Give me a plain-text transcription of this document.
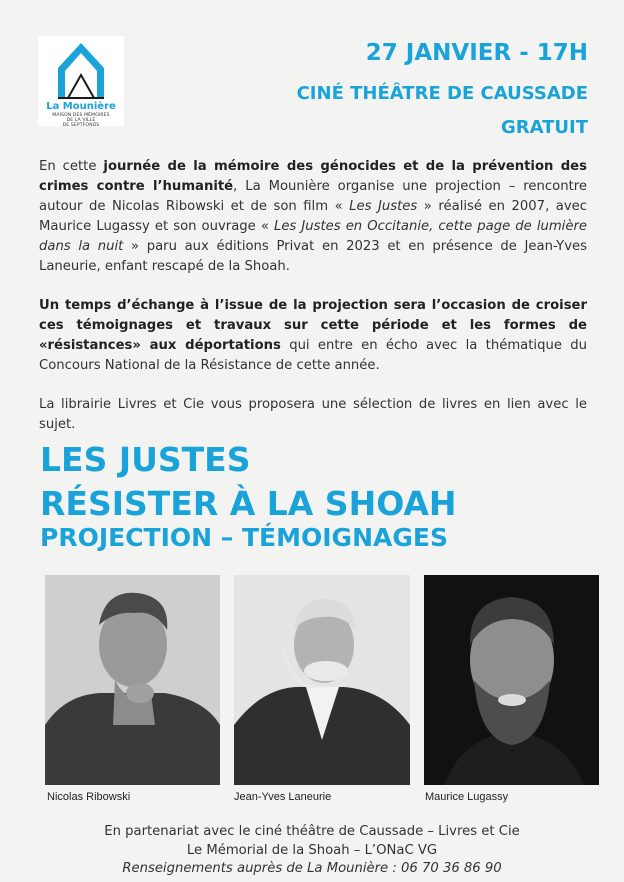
La Mounière
MAISON DES MÉMOIRES
DE LA VILLE
DE SEPTFONDS
27 JANVIER - 17H
CINÉ THÉÂTRE DE CAUSSADE
GRATUIT

En cette journée de la mémoire des génocides et de la prévention des crimes contre l’humanité, La Mounière organise une projection – rencontre autour de Nicolas Ribowski et de son film « Les Justes » réalisé en 2007, avec Maurice Lugassy et son ouvrage « Les Justes en Occitanie, cette page de lumière dans la nuit » paru aux éditions Privat en 2023 et en présence de Jean-Yves Laneurie, enfant rescapé de la Shoah.

Un temps d’échange à l’issue de la projection sera l’occasion de croiser ces témoignages et travaux sur cette période et les formes de «résistances» aux déportations qui entre en écho avec la thématique du Concours National de la Résistance de cette année.

La librairie Livres et Cie vous proposera une sélection de livres en lien avec le sujet.

LES JUSTES
RÉSISTER À LA SHOAH
PROJECTION – TÉMOIGNAGES
Nicolas Ribowski	Jean-Yves Laneurie	Maurice Lugassy
En partenariat avec le ciné théâtre de Caussade – Livres et Cie
Le Mémorial de la Shoah – L’ONaC VG
Renseignements auprès de La Mounière : 06 70 36 86 90
